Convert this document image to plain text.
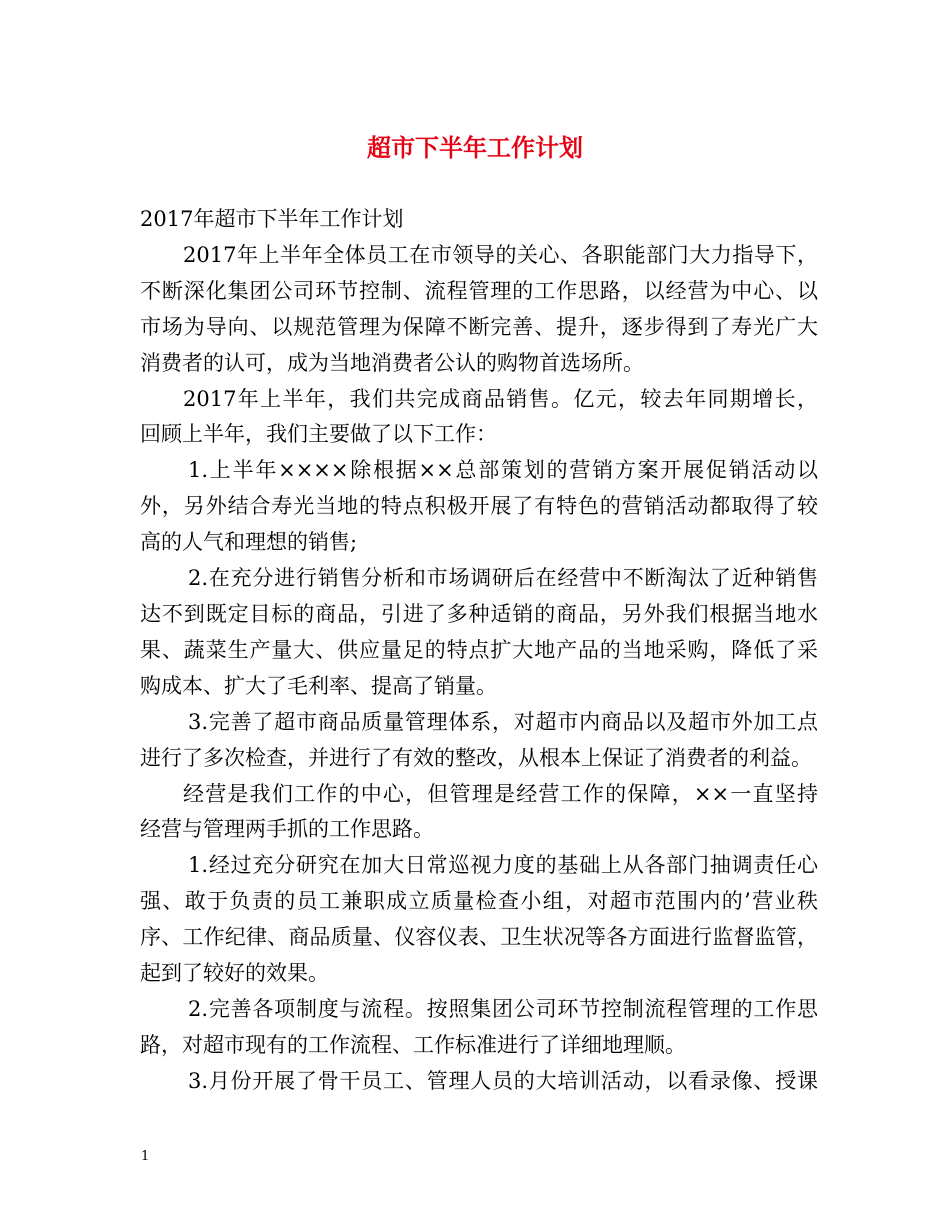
超市下半年工作计划
2017年超市下半年工作计划
2017年上半年全体员工在市领导的关心、各职能部门大力指导下，
不断深化集团公司环节控制、流程管理的工作思路，以经营为中心、以
市场为导向、以规范管理为保障不断完善、提升，逐步得到了寿光广大
消费者的认可，成为当地消费者公认的购物首选场所。
2017年上半年，我们共完成商品销售。亿元，较去年同期增长，
回顾上半年，我们主要做了以下工作：
1.上半年××××除根据××总部策划的营销方案开展促销活动以
外，另外结合寿光当地的特点积极开展了有特色的营销活动都取得了较
高的人气和理想的销售;
2.在充分进行销售分析和市场调研后在经营中不断淘汰了近种销售
达不到既定目标的商品，引进了多种适销的商品，另外我们根据当地水
果、蔬菜生产量大、供应量足的特点扩大地产品的当地采购，降低了采
购成本、扩大了毛利率、提高了销量。
3.完善了超市商品质量管理体系，对超市内商品以及超市外加工点
进行了多次检查，并进行了有效的整改，从根本上保证了消费者的利益。
经营是我们工作的中心，但管理是经营工作的保障，××一直坚持
经营与管理两手抓的工作思路。
1.经过充分研究在加大日常巡视力度的基础上从各部门抽调责任心
强、敢于负责的员工兼职成立质量检查小组，对超市范围内的’营业秩
序、工作纪律、商品质量、仪容仪表、卫生状况等各方面进行监督监管，
起到了较好的效果。
2.完善各项制度与流程。按照集团公司环节控制流程管理的工作思
路，对超市现有的工作流程、工作标准进行了详细地理顺。
3.月份开展了骨干员工、管理人员的大培训活动，以看录像、授课
1
